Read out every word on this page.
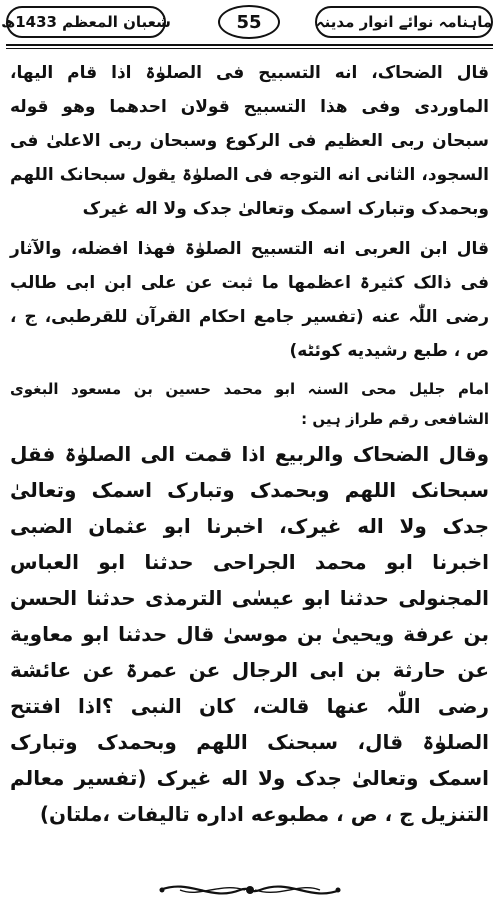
شعبان المعظم 1433ھ	55	ماہنامہ نوائے انوار مدینہ

قال الضحاک، انه التسبیح فی الصلوٰۃ اذا قام الیها، الماوردی وفی هذا التسبیح قولان احدهما وهو قوله سبحان ربی العظیم فی الرکوع وسبحان ربی الاعلیٰ فی السجود، الثانی انه التوجه فی الصلوٰۃ یقول سبحانک اللهم وبحمدک وتبارک اسمک وتعالیٰ جدک ولا اله غیرک

قال ابن العربی انه التسبیح الصلوٰۃ فهذا افضله، والآثار فی ذالک کثیرۃ اعظمها ما ثبت عن علی ابن ابی طالب رضی اللّٰہ عنه (تفسیر جامع احکام القرآن للقرطبی، ج ، ص ، طبع رشیدیه کوئٹه)

امام جلیل محی السنہ ابو محمد حسین بن مسعود البغوی الشافعی رقم طراز ہیں :

وقال الضحاک والربیع اذا قمت الی الصلوٰۃ فقل سبحانک اللهم وبحمدک وتبارک اسمک وتعالیٰ جدک ولا اله غیرک، اخبرنا ابو عثمان الضبی اخبرنا ابو محمد الجراحی حدثنا ابو العباس المجنولی حدثنا ابو عیسٰی الترمذی حدثنا الحسن بن عرفة ویحییٰ بن موسیٰ قال حدثنا ابو معاویة عن حارثة بن ابی الرجال عن عمرۃ عن عائشة رضی اللّٰہ عنها قالت، کان النبی ؟اذا افتتح الصلوٰۃ قال، سبحنک اللهم وبحمدک وتبارک اسمک وتعالیٰ جدک ولا اله غیرک (تفسیر معالم التنزیل ج ، ص ، مطبوعه اداره تالیفات ،ملتان)
